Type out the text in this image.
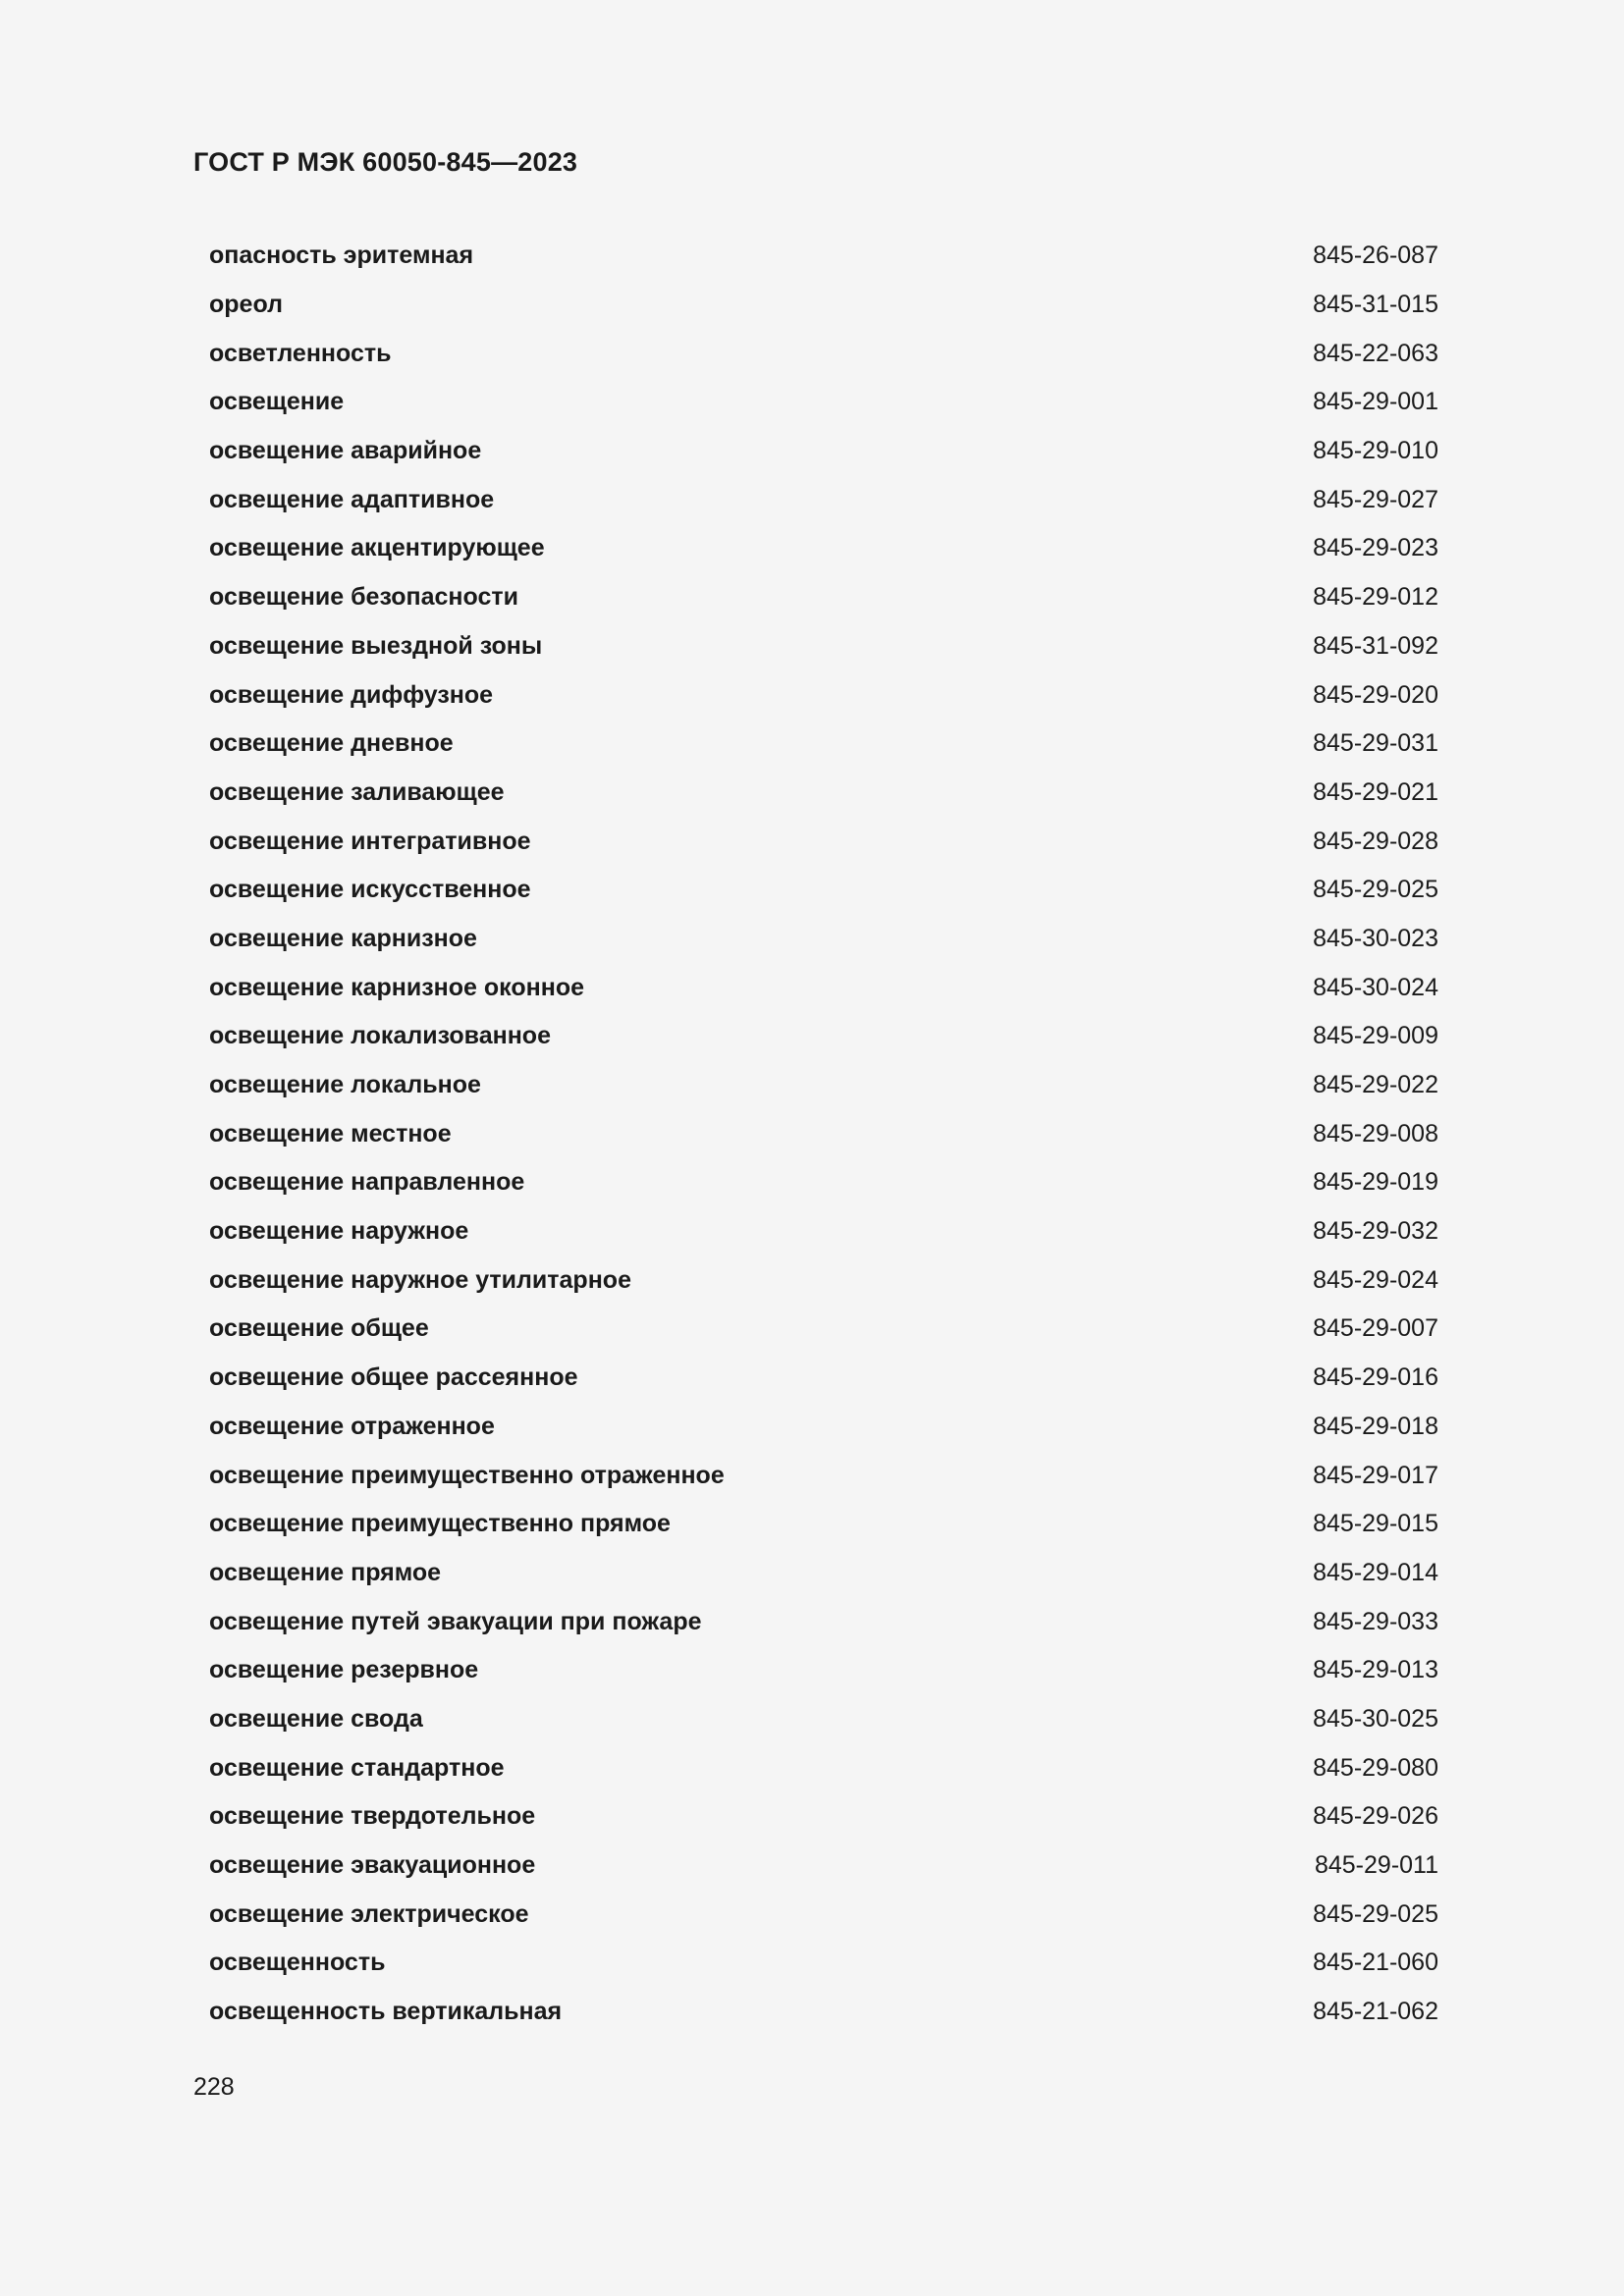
ГОСТ Р МЭК 60050-845—2023
опасность эритемная	845-26-087
ореол	845-31-015
осветленность	845-22-063
освещение	845-29-001
освещение аварийное	845-29-010
освещение адаптивное	845-29-027
освещение акцентирующее	845-29-023
освещение безопасности	845-29-012
освещение выездной зоны	845-31-092
освещение диффузное	845-29-020
освещение дневное	845-29-031
освещение заливающее	845-29-021
освещение интегративное	845-29-028
освещение искусственное	845-29-025
освещение карнизное	845-30-023
освещение карнизное оконное	845-30-024
освещение локализованное	845-29-009
освещение локальное	845-29-022
освещение местное	845-29-008
освещение направленное	845-29-019
освещение наружное	845-29-032
освещение наружное утилитарное	845-29-024
освещение общее	845-29-007
освещение общее рассеянное	845-29-016
освещение отраженное	845-29-018
освещение преимущественно отраженное	845-29-017
освещение преимущественно прямое	845-29-015
освещение прямое	845-29-014
освещение путей эвакуации при пожаре	845-29-033
освещение резервное	845-29-013
освещение свода	845-30-025
освещение стандартное	845-29-080
освещение твердотельное	845-29-026
освещение эвакуационное	845-29-011
освещение электрическое	845-29-025
освещенность	845-21-060
освещенность вертикальная	845-21-062
228
